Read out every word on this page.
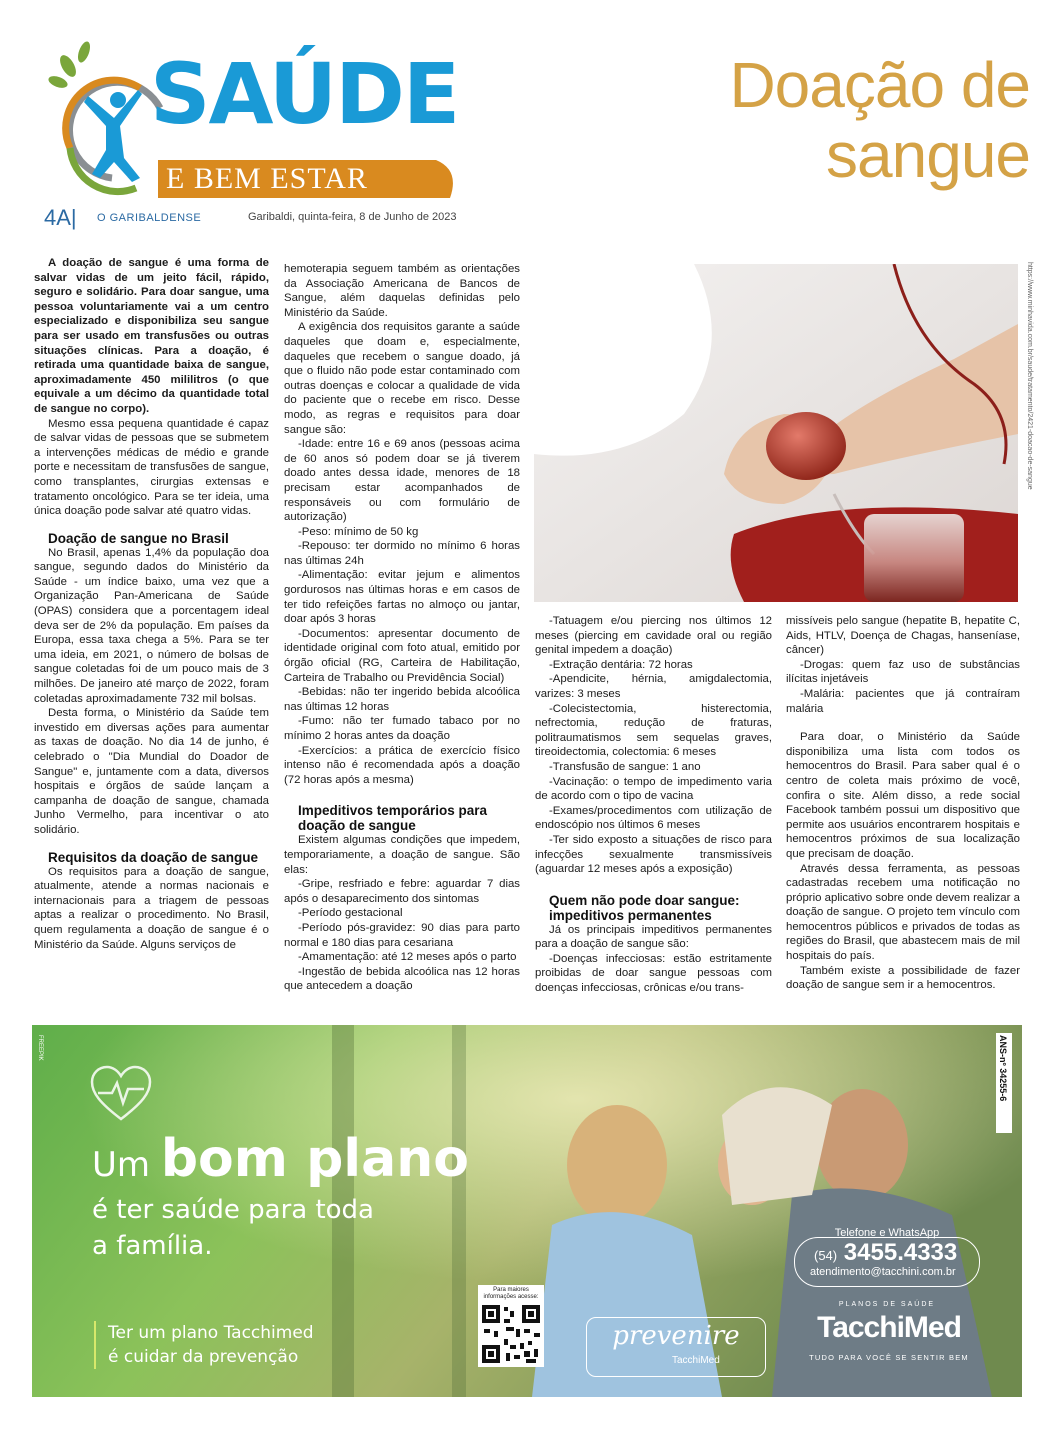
SAÚDE
E BEM ESTAR
4A| O GARIBALDENSE	Garibaldi, quinta-feira, 8 de Junho de 2023
Doação de
sangue

A doação de sangue é uma forma de salvar vidas de um jeito fácil, rápido, seguro e solidário. Para doar sangue, uma pessoa voluntariamente vai a um centro especializado e disponibiliza seu sangue para ser usado em transfusões ou outras situações clínicas. Para a doação, é retirada uma quantidade baixa de sangue, aproximadamente 450 mililitros (o que equivale a um décimo da quantidade total de sangue no corpo).

Mesmo essa pequena quantidade é capaz de salvar vidas de pessoas que se submetem a intervenções médicas de médio e grande porte e necessitam de transfusões de sangue, como transplantes, cirurgias extensas e tratamento oncológico. Para se ter ideia, uma única doação pode salvar até quatro vidas.

Doação de sangue no Brasil

No Brasil, apenas 1,4% da população doa sangue, segundo dados do Ministério da Saúde - um índice baixo, uma vez que a Organização Pan-Americana de Saúde (OPAS) considera que a porcentagem ideal deva ser de 2% da população. Em países da Europa, essa taxa chega a 5%. Para se ter uma ideia, em 2021, o número de bolsas de sangue coletadas foi de um pouco mais de 3 milhões. De janeiro até março de 2022, foram coletadas aproximadamente 732 mil bolsas.

Desta forma, o Ministério da Saúde tem investido em diversas ações para aumentar as taxas de doação. No dia 14 de junho, é celebrado o "Dia Mundial do Doador de Sangue" e, juntamente com a data, diversos hospitais e órgãos de saúde lançam a campanha de doação de sangue, chamada Junho Vermelho, para incentivar o ato solidário.

Requisitos da doação de sangue

Os requisitos para a doação de sangue, atualmente, atende a normas nacionais e internacionais para a triagem de pessoas aptas a realizar o procedimento. No Brasil, quem regulamenta a doação de sangue é o Ministério da Saúde. Alguns serviços de

hemoterapia seguem também as orientações da Associação Americana de Bancos de Sangue, além daquelas definidas pelo Ministério da Saúde.

A exigência dos requisitos garante a saúde daqueles que doam e, especialmente, daqueles que recebem o sangue doado, já que o fluido não pode estar contaminado com outras doenças e colocar a qualidade de vida do paciente que o recebe em risco. Desse modo, as regras e requisitos para doar sangue são:

-Idade: entre 16 e 69 anos (pessoas acima de 60 anos só podem doar se já tiverem doado antes dessa idade, menores de 18 precisam estar acompanhados de responsáveis ou com formulário de autorização)

-Peso: mínimo de 50 kg

-Repouso: ter dormido no mínimo 6 horas nas últimas 24h

-Alimentação: evitar jejum e alimentos gordurosos nas últimas horas e em casos de ter tido refeições fartas no almoço ou jantar, doar após 3 horas

-Documentos: apresentar documento de identidade original com foto atual, emitido por órgão oficial (RG, Carteira de Habilitação, Carteira de Trabalho ou Previdência Social)

-Bebidas: não ter ingerido bebida alcoólica nas últimas 12 horas

-Fumo: não ter fumado tabaco por no mínimo 2 horas antes da doação

-Exercícios: a prática de exercício físico intenso não é recomendada após a doação (72 horas após a mesma)

Impeditivos temporários para doação de sangue

Existem algumas condições que impedem, temporariamente, a doação de sangue. São elas:

-Gripe, resfriado e febre: aguardar 7 dias após o desaparecimento dos sintomas

-Período gestacional

-Período pós-gravidez: 90 dias para parto normal e 180 dias para cesariana

-Amamentação: até 12 meses após o parto

-Ingestão de bebida alcoólica nas 12 horas que antecedem a doação

https://www.minhavida.com.br/saude/tratamento/2421-doacao-de-sangue

-Tatuagem e/ou piercing nos últimos 12 meses (piercing em cavidade oral ou região genital impedem a doação)

-Extração dentária: 72 horas

-Apendicite, hérnia, amigdalectomia, varizes: 3 meses

-Colecistectomia, histerectomia, nefrectomia, redução de fraturas, politraumatismos sem sequelas graves, tireoidectomia, colectomia: 6 meses

-Transfusão de sangue: 1 ano

-Vacinação: o tempo de impedimento varia de acordo com o tipo de vacina

-Exames/procedimentos com utilização de endoscópio nos últimos 6 meses

-Ter sido exposto a situações de risco para infecções sexualmente transmissíveis (aguardar 12 meses após a exposição)

Quem não pode doar sangue: impeditivos permanentes

Já os principais impeditivos permanentes para a doação de sangue são:

-Doenças infecciosas: estão estritamente proibidas de doar sangue pessoas com doenças infecciosas, crônicas e/ou trans-

missíveis pelo sangue (hepatite B, hepatite C, Aids, HTLV, Doença de Chagas, hanseníase, câncer)

-Drogas: quem faz uso de substâncias ilícitas injetáveis

-Malária: pacientes que já contraíram malária

Para doar, o Ministério da Saúde disponibiliza uma lista com todos os hemocentros do Brasil. Para saber qual é o centro de coleta mais próximo de você, confira o site. Além disso, a rede social Facebook também possui um dispositivo que permite aos usuários encontrarem hospitais e hemocentros próximos de sua localização que precisam de doação.

Através dessa ferramenta, as pessoas cadastradas recebem uma notificação no próprio aplicativo sobre onde devem realizar a doação de sangue. O projeto tem vínculo com hemocentros públicos e privados de todas as regiões do Brasil, que abastecem mais de mil hospitais do país.

Também existe a possibilidade de fazer doação de sangue sem ir a hemocentros.

Um bom plano
é ter saúde para toda
a família.
Ter um plano Tacchimed
é cuidar da prevenção
Para maiores informações acesse:
ANS-nº 34255-6
FREEPIK
Telefone e WhatsApp
(54) 3455.4333
atendimento@tacchini.com.br
prevenire
TacchiMed
PLANOS DE SAÚDE
TacchiMed
TUDO PARA VOCÊ SE SENTIR BEM
